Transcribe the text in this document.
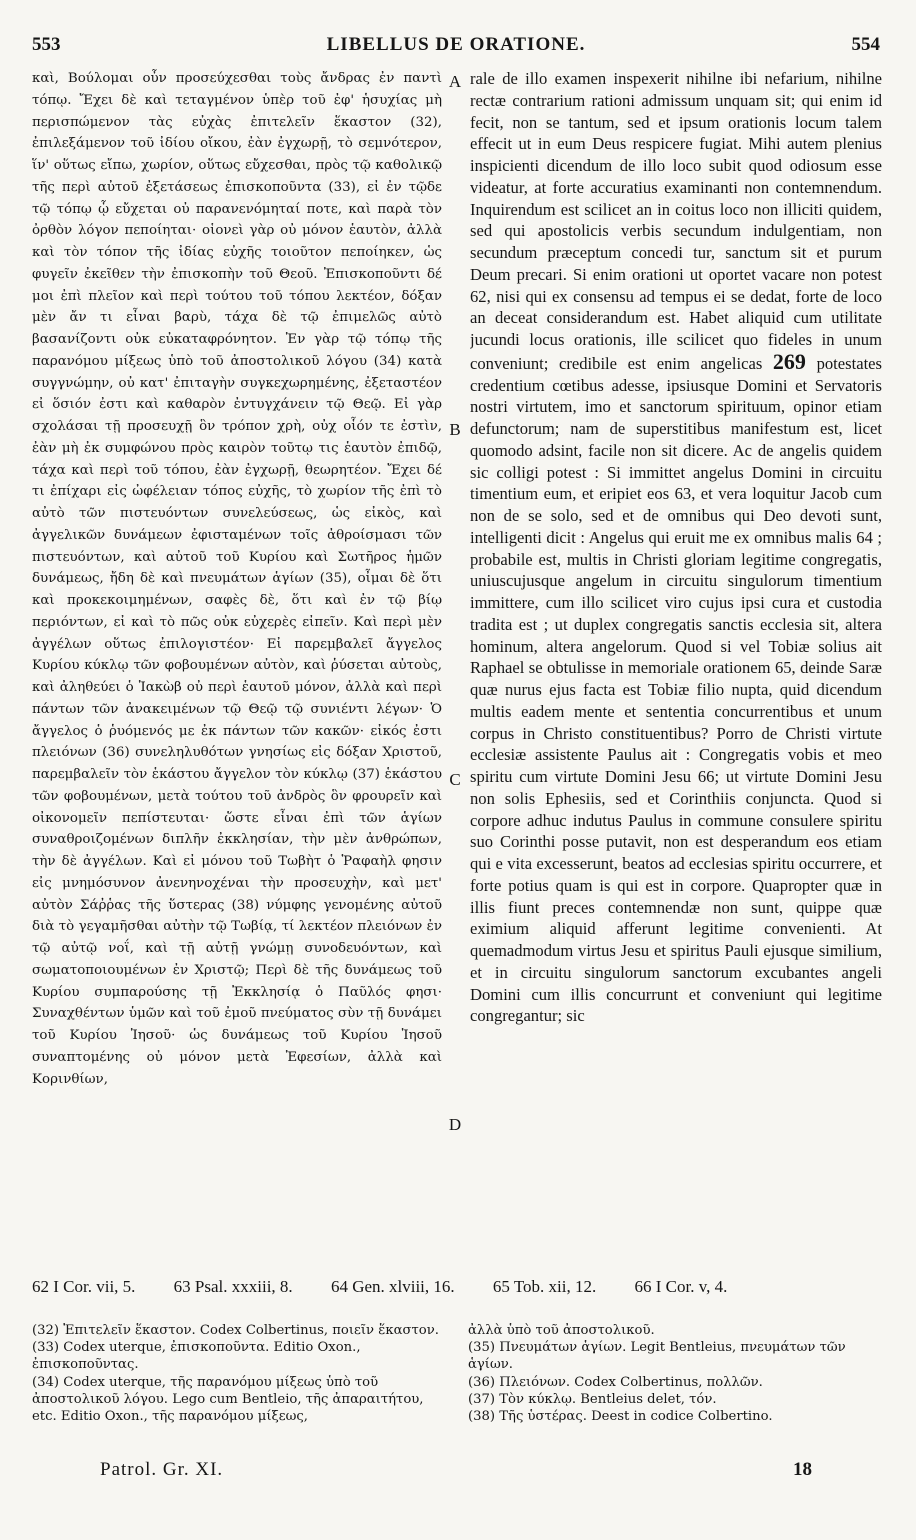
553	LIBELLUS DE ORATIONE.	554

καὶ, Βούλομαι οὖν προσεύχεσθαι τοὺς ἄνδρας ἐν παντὶ τόπῳ. Ἔχει δὲ καὶ τεταγμένον ὑπὲρ τοῦ ἐφ' ἡσυχίας μὴ περισπώμενον τὰς εὐχὰς ἐπιτελεῖν ἕκαστον (32), ἐπιλεξάμενον τοῦ ἰδίου οἴκου, ἐὰν ἐγχωρῇ, τὸ σεμνότερον, ἵν' οὕτως εἴπω, χωρίον, οὕτως εὔχεσθαι, πρὸς τῷ καθολικῷ τῆς περὶ αὐτοῦ ἐξετάσεως ἐπισκοποῦντα (33), εἰ ἐν τῷδε τῷ τόπῳ ᾧ εὔχεται οὐ παρανενόμηταί ποτε, καὶ παρὰ τὸν ὀρθὸν λόγον πεποίηται· οἱονεὶ γὰρ οὐ μόνον ἑαυτὸν, ἀλλὰ καὶ τὸν τόπον τῆς ἰδίας εὐχῆς τοιοῦτον πεποίηκεν, ὡς φυγεῖν ἐκεῖθεν τὴν ἐπισκοπὴν τοῦ Θεοῦ. Ἐπισκοποῦντι δέ μοι ἐπὶ πλεῖον καὶ περὶ τούτου τοῦ τόπου λεκτέον, δόξαν μὲν ἄν τι εἶναι βαρὺ, τάχα δὲ τῷ ἐπιμελῶς αὐτὸ βασανίζοντι οὐκ εὐκαταφρόνητον. Ἐν γὰρ τῷ τόπῳ τῆς παρανόμου μίξεως ὑπὸ τοῦ ἀποστολικοῦ λόγου (34) κατὰ συγγνώμην, οὐ κατ' ἐπιταγὴν συγκεχωρημένης, ἐξεταστέον εἰ ὅσιόν ἐστι καὶ καθαρὸν ἐντυγχάνειν τῷ Θεῷ. Εἰ γὰρ σχολάσαι τῇ προσευχῇ ὃν τρόπον χρὴ, οὐχ οἷόν τε ἐστὶν, ἐὰν μὴ ἐκ συμφώνου πρὸς καιρὸν τοῦτῳ τις ἑαυτὸν ἐπιδῷ, τάχα καὶ περὶ τοῦ τόπου, ἐὰν ἐγχωρῇ, θεωρητέον. Ἔχει δέ τι ἐπίχαρι εἰς ὠφέλειαν τόπος εὐχῆς, τὸ χωρίον τῆς ἐπὶ τὸ αὐτὸ τῶν πιστευόντων συνελεύσεως, ὡς εἰκὸς, καὶ ἀγγελικῶν δυνάμεων ἐφισταμένων τοῖς ἀθροίσμασι τῶν πιστευόντων, καὶ αὐτοῦ τοῦ Κυρίου καὶ Σωτῆρος ἡμῶν δυνάμεως, ἤδη δὲ καὶ πνευμάτων ἁγίων (35), οἶμαι δὲ ὅτι καὶ προκεκοιμημένων, σαφὲς δὲ, ὅτι καὶ ἐν τῷ βίῳ περιόντων, εἰ καὶ τὸ πῶς οὐκ εὐχερὲς εἰπεῖν. Καὶ περὶ μὲν ἀγγέλων οὕτως ἐπιλογιστέον· Εἰ παρεμβαλεῖ ἄγγελος Κυρίου κύκλῳ τῶν φοβουμένων αὐτὸν, καὶ ῥύσεται αὐτοὺς, καὶ ἀληθεύει ὁ Ἰακὼβ οὐ περὶ ἑαυτοῦ μόνον, ἀλλὰ καὶ περὶ πάντων τῶν ἀνακειμένων τῷ Θεῷ τῷ συνιέντι λέγων· Ὁ ἄγγελος ὁ ῥυόμενός με ἐκ πάντων τῶν κακῶν· εἰκός ἐστι πλειόνων (36) συνεληλυθότων γνησίως εἰς δόξαν Χριστοῦ, παρεμβαλεῖν τὸν ἑκάστου ἄγγελον τὸν κύκλῳ (37) ἑκάστου τῶν φοβουμένων, μετὰ τούτου τοῦ ἀνδρὸς ὃν φρουρεῖν καὶ οἰκονομεῖν πεπίστευται· ὥστε εἶναι ἐπὶ τῶν ἁγίων συναθροιζομένων διπλῆν ἐκκλησίαν, τὴν μὲν ἀνθρώπων, τὴν δὲ ἀγγέλων. Καὶ εἰ μόνου τοῦ Τωβὴτ ὁ Ῥαφαὴλ φησιν εἰς μνημόσυνον ἀνενηνοχέναι τὴν προσευχὴν, καὶ μετ' αὐτὸν Σάῤῥας τῆς ὕστερας (38) νύμφης γενομένης αὐτοῦ διὰ τὸ γεγαμῆσθαι αὐτὴν τῷ Τωβίᾳ, τί λεκτέον πλειόνων ἐν τῷ αὐτῷ νοΐ, καὶ τῇ αὐτῇ γνώμῃ συνοδευόντων, καὶ σωματοποιουμένων ἐν Χριστῷ; Περὶ δὲ τῆς δυνάμεως τοῦ Κυρίου συμπαρούσης τῇ Ἐκκλησίᾳ ὁ Παῦλός φησι· Συναχθέντων ὑμῶν καὶ τοῦ ἐμοῦ πνεύματος σὺν τῇ δυνάμει τοῦ Κυρίου Ἰησοῦ· ὡς δυνάμεως τοῦ Κυρίου Ἰησοῦ συναπτομένης οὐ μόνον μετὰ Ἐφεσίων, ἀλλὰ καὶ Κορινθίων,

A
B
C
D

rale de illo examen inspexerit nihilne ibi nefarium, nihilne rectæ contrarium rationi admissum unquam sit; qui enim id fecit, non se tantum, sed et ipsum orationis locum talem effecit ut in eum Deus respicere fugiat. Mihi autem plenius inspicienti dicendum de illo loco subit quod odiosum esse videatur, at forte accuratius examinanti non contemnendum. Inquirendum est scilicet an in coitus loco non illiciti quidem, sed qui apostolicis verbis secundum indulgentiam, non secundum præceptum concedi tur, sanctum sit et purum Deum precari. Si enim orationi ut oportet vacare non potest 62, nisi qui ex consensu ad tempus ei se dedat, forte de loco an deceat considerandum est. Habet aliquid cum utilitate jucundi locus orationis, ille scilicet quo fideles in unum conveniunt; credibile est enim angelicas 269 potestates credentium cœtibus adesse, ipsiusque Domini et Servatoris nostri virtutem, imo et sanctorum spirituum, opinor etiam defunctorum; nam de superstitibus manifestum est, licet quomodo adsint, facile non sit dicere. Ac de angelis quidem sic colligi potest : Si immittet angelus Domini in circuitu timentium eum, et eripiet eos 63, et vera loquitur Jacob cum non de se solo, sed et de omnibus qui Deo devoti sunt, intelligenti dicit : Angelus qui eruit me ex omnibus malis 64 ; probabile est, multis in Christi gloriam legitime congregatis, uniuscujusque angelum in circuitu singulorum timentium immittere, cum illo scilicet viro cujus ipsi cura et custodia tradita est ; ut duplex congregatis sanctis ecclesia sit, altera hominum, altera angelorum. Quod si vel Tobiæ solius ait Raphael se obtulisse in memoriale orationem 65, deinde Saræ quæ nurus ejus facta est Tobiæ filio nupta, quid dicendum multis eadem mente et sententia concurrentibus et unum corpus in Christo constituentibus? Porro de Christi virtute ecclesiæ assistente Paulus ait : Congregatis vobis et meo spiritu cum virtute Domini Jesu 66; ut virtute Domini Jesu non solis Ephesiis, sed et Corinthiis conjuncta. Quod si corpore adhuc indutus Paulus in commune consulere spiritu suo Corinthi posse putavit, non est desperandum eos etiam qui e vita excesserunt, beatos ad ecclesias spiritu occurrere, et forte potius quam is qui est in corpore. Quapropter quæ in illis fiunt preces contemnendæ non sunt, quippe quæ eximium aliquid afferunt legitime convenienti. At quemadmodum virtus Jesu et spiritus Pauli ejusque similium, et in circuitu singulorum sanctorum excubantes angeli Domini cum illis concurrunt et conveniunt qui legitime congregantur; sic

62 I Cor. vii, 5. 63 Psal. xxxiii, 8. 64 Gen. xlviii, 16. 65 Tob. xii, 12. 66 I Cor. v, 4.

(32) Ἐπιτελεῖν ἕκαστον. Codex Colbertinus, ποιεῖν ἕκαστον.

(33) Codex uterque, ἐπισκοποῦντα. Editio Oxon., ἐπισκοποῦντας.

(34) Codex uterque, τῆς παρανόμου μίξεως ὑπὸ τοῦ ἀποστολικοῦ λόγου. Lego cum Bentleio, τῆς ἀπαραιτήτου, etc. Editio Oxon., τῆς παρανόμου μίξεως,

ἀλλὰ ὑπὸ τοῦ ἀποστολικοῦ.

(35) Πνευμάτων ἁγίων. Legit Bentleius, πνευμάτων τῶν ἁγίων.

(36) Πλειόνων. Codex Colbertinus, πολλῶν.

(37) Τὸν κύκλῳ. Bentleius delet, τόν.

(38) Τῆς ὑστέρας. Deest in codice Colbertino.

Patrol. Gr. XI.	18
